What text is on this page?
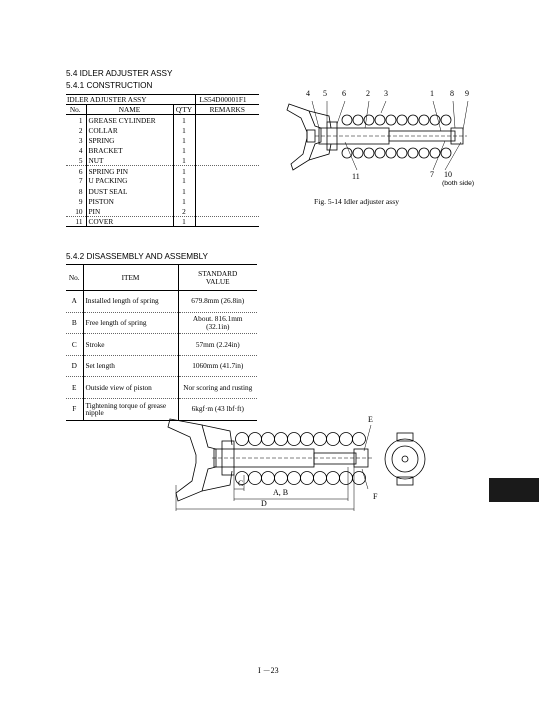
5.4 IDLER ADJUSTER ASSY
5.4.1 CONSTRUCTION
IDLER ADJUSTER ASSY			LS54D00001F1
No.	NAME	Q'TY	REMARKS
1	GREASE CYLINDER	1	
2	COLLAR	1	
3	SPRING	1	
4	BRACKET	1	
5	NUT	1	
6	SPRING PIN	1	
7	U PACKING	1	
8	DUST SEAL	1	
9	PISTON	1	
10	PIN	2	
11	COVER	1	
5.4.2 DISASSEMBLY AND ASSEMBLY
No.	ITEM	STANDARD
VALUE
A	Installed length of spring	679.8mm (26.8in)
B	Free length of spring	About. 816.1mm (32.1in)
C	Stroke	57mm (2.24in)
D	Set length	1060mm (41.7in)
E	Outside view of piston	Nor scoring and rusting
F	Tightening torque of grease nipple	6kgf·m (43 lbf·ft)
4 5 6	2 3	1 8 9
11	7 10
(both side)
Fig. 5-14 Idler adjuster assy
E
C
A, B
D
F
I －23
